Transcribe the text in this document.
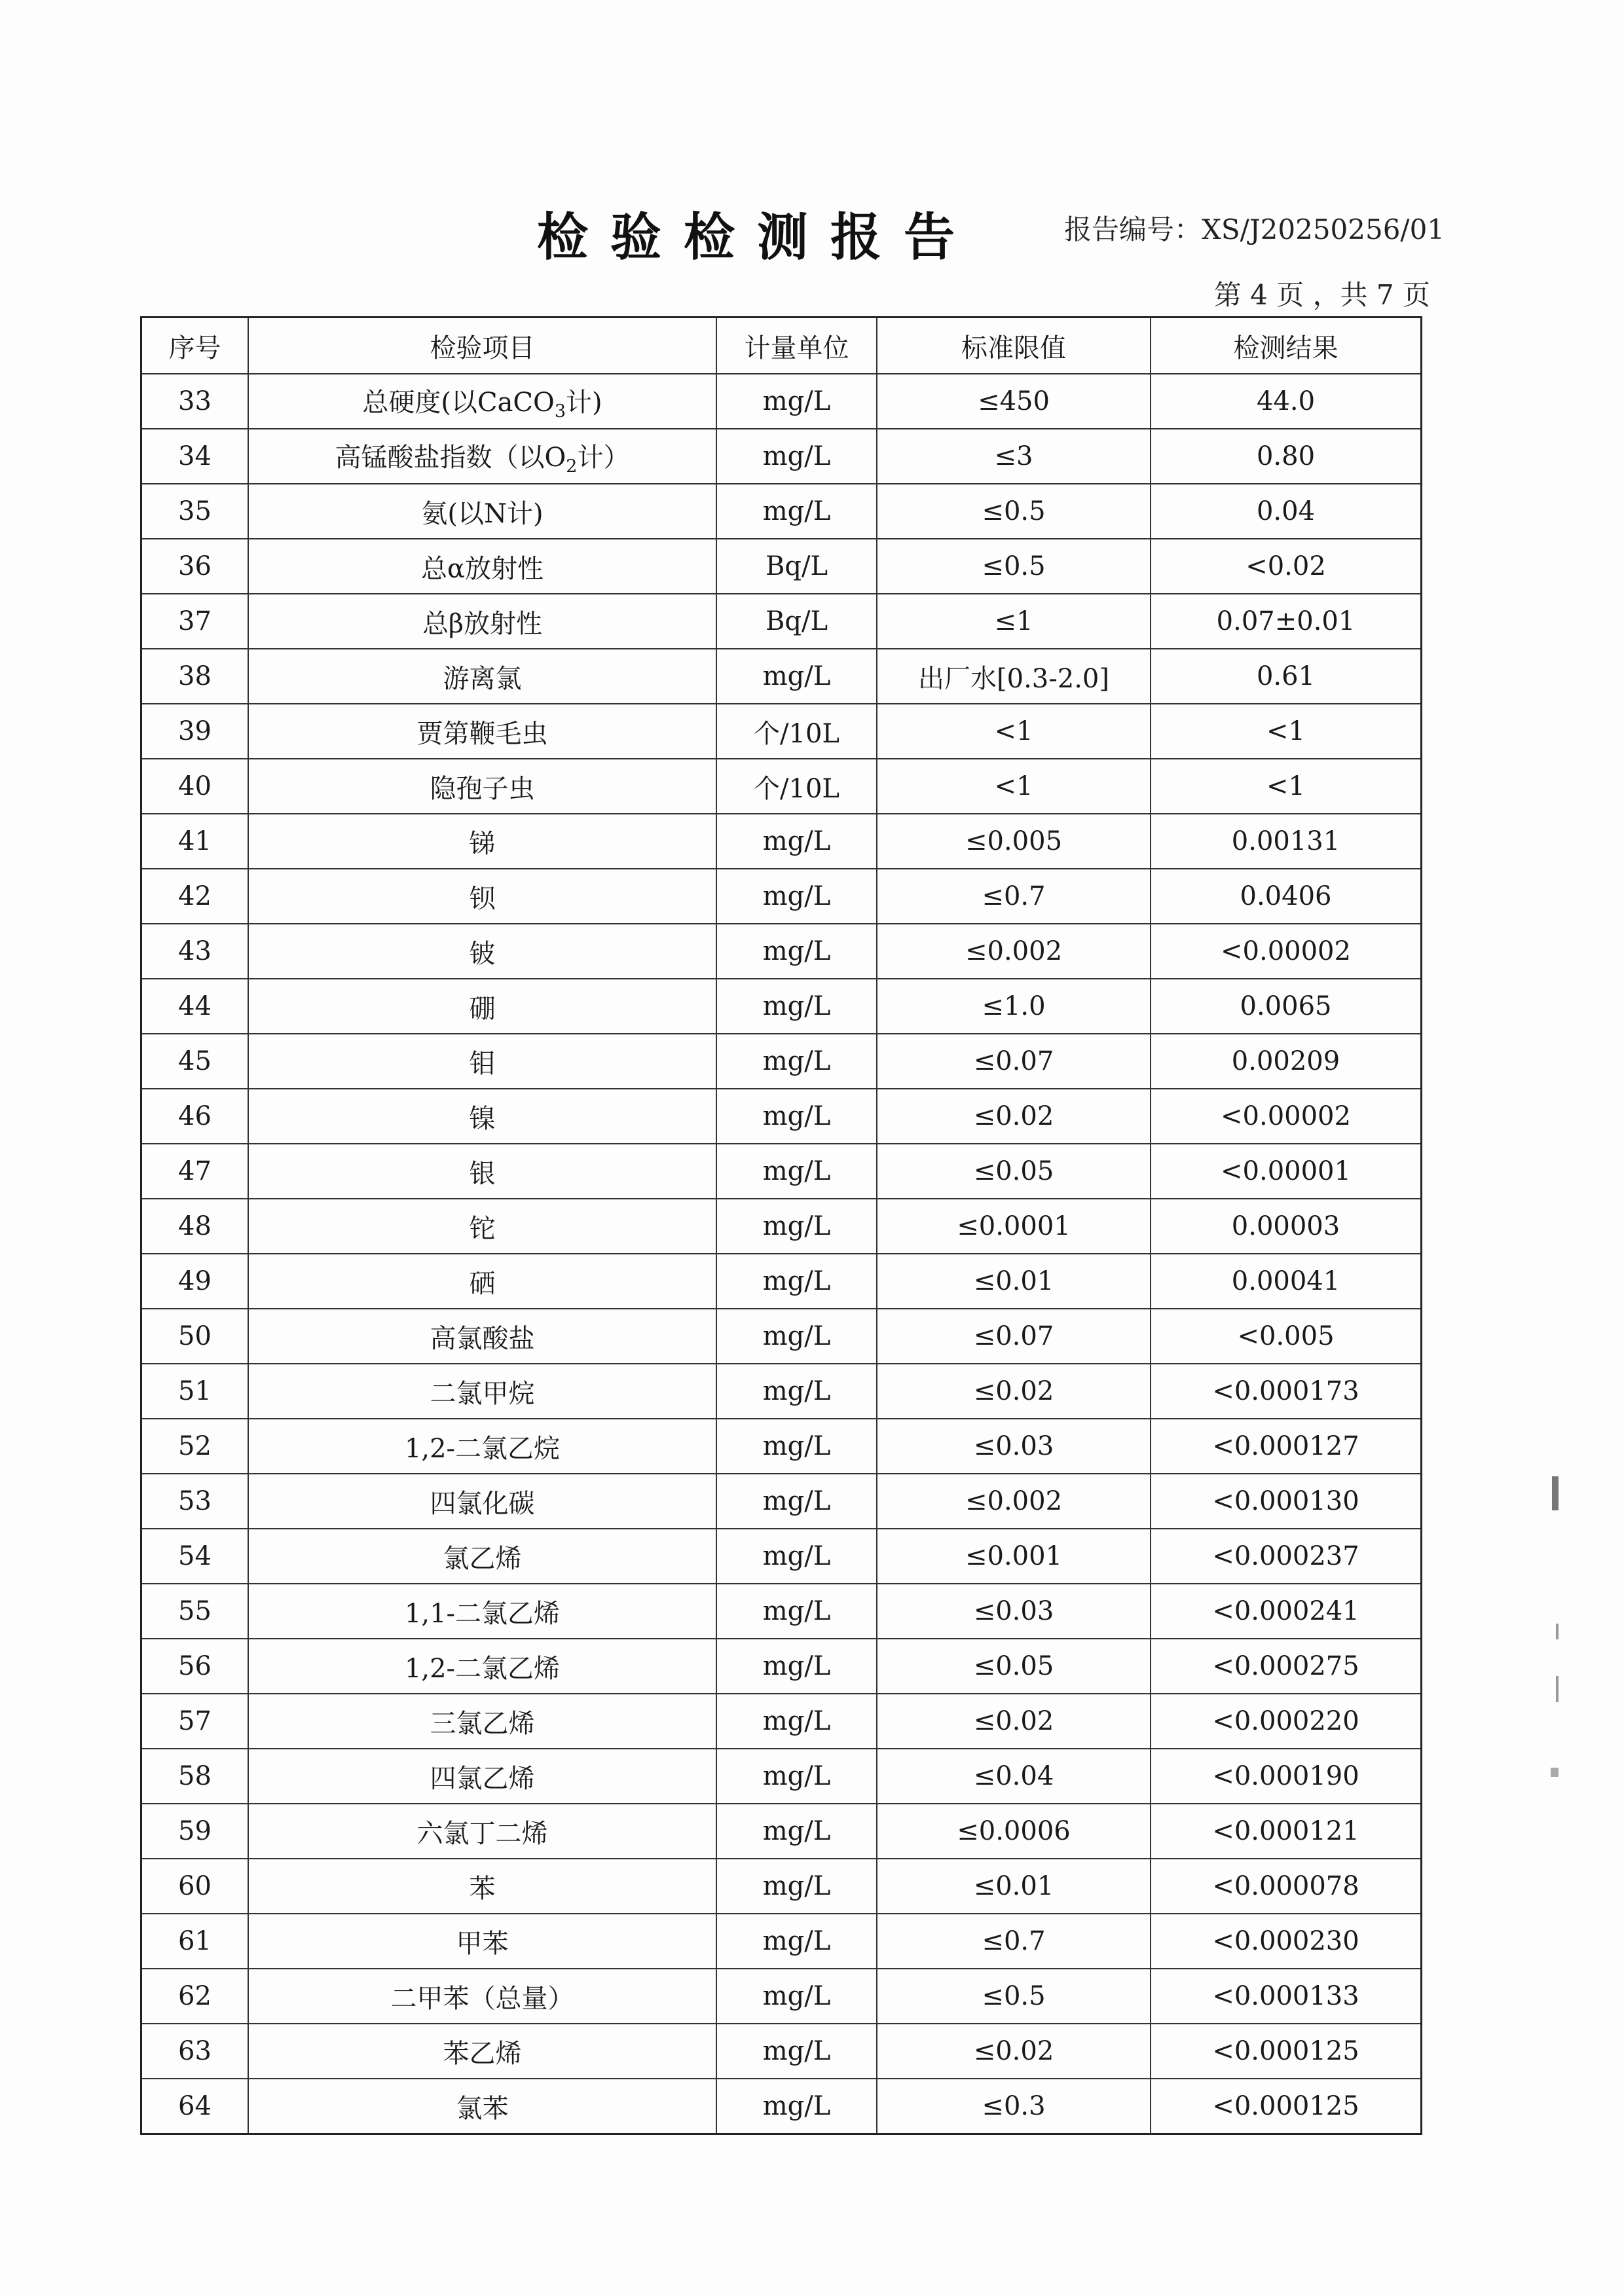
检验检测报告	报告编号：XS/J20250256/01
第 4 页 ，共 7 页
序号	检验项目	计量单位	标准限值	检测结果
33	总硬度(以CaCO$_3$计)	mg/L	≤450	44.0
34	高锰酸盐指数（以$O_2$计）	mg/L	≤3	0.80
35	氨(以N计)	mg/L	≤0.5	0.04
36	总α放射性	Bq/L	≤0.5	<0.02
37	总β放射性	Bq/L	≤1	0.07±0.01
38	游离氯	mg/L	出厂水[0.3-2.0]	0.61
39	贾第鞭毛虫	个/10L	<1	<1
40	隐孢子虫	个/10L	<1	<1
41	锑	mg/L	≤0.005	0.00131
42	钡	mg/L	≤0.7	0.0406
43	铍	mg/L	≤0.002	<0.00002
44	硼	mg/L	≤1.0	0.0065
45	钼	mg/L	≤0.07	0.00209
46	镍	mg/L	≤0.02	<0.00002
47	银	mg/L	≤0.05	<0.00001
48	铊	mg/L	≤0.0001	0.00003
49	硒	mg/L	≤0.01	0.00041
50	高氯酸盐	mg/L	≤0.07	<0.005
51	二氯甲烷	mg/L	≤0.02	<0.000173
52	1,2-二氯乙烷	mg/L	≤0.03	<0.000127
53	四氯化碳	mg/L	≤0.002	<0.000130
54	氯乙烯	mg/L	≤0.001	<0.000237
55	1,1-二氯乙烯	mg/L	≤0.03	<0.000241
56	1,2-二氯乙烯	mg/L	≤0.05	<0.000275
57	三氯乙烯	mg/L	≤0.02	<0.000220
58	四氯乙烯	mg/L	≤0.04	<0.000190
59	六氯丁二烯	mg/L	≤0.0006	<0.000121
60	苯	mg/L	≤0.01	<0.000078
61	甲苯	mg/L	≤0.7	<0.000230
62	二甲苯（总量）	mg/L	≤0.5	<0.000133
63	苯乙烯	mg/L	≤0.02	<0.000125
64	氯苯	mg/L	≤0.3	<0.000125
